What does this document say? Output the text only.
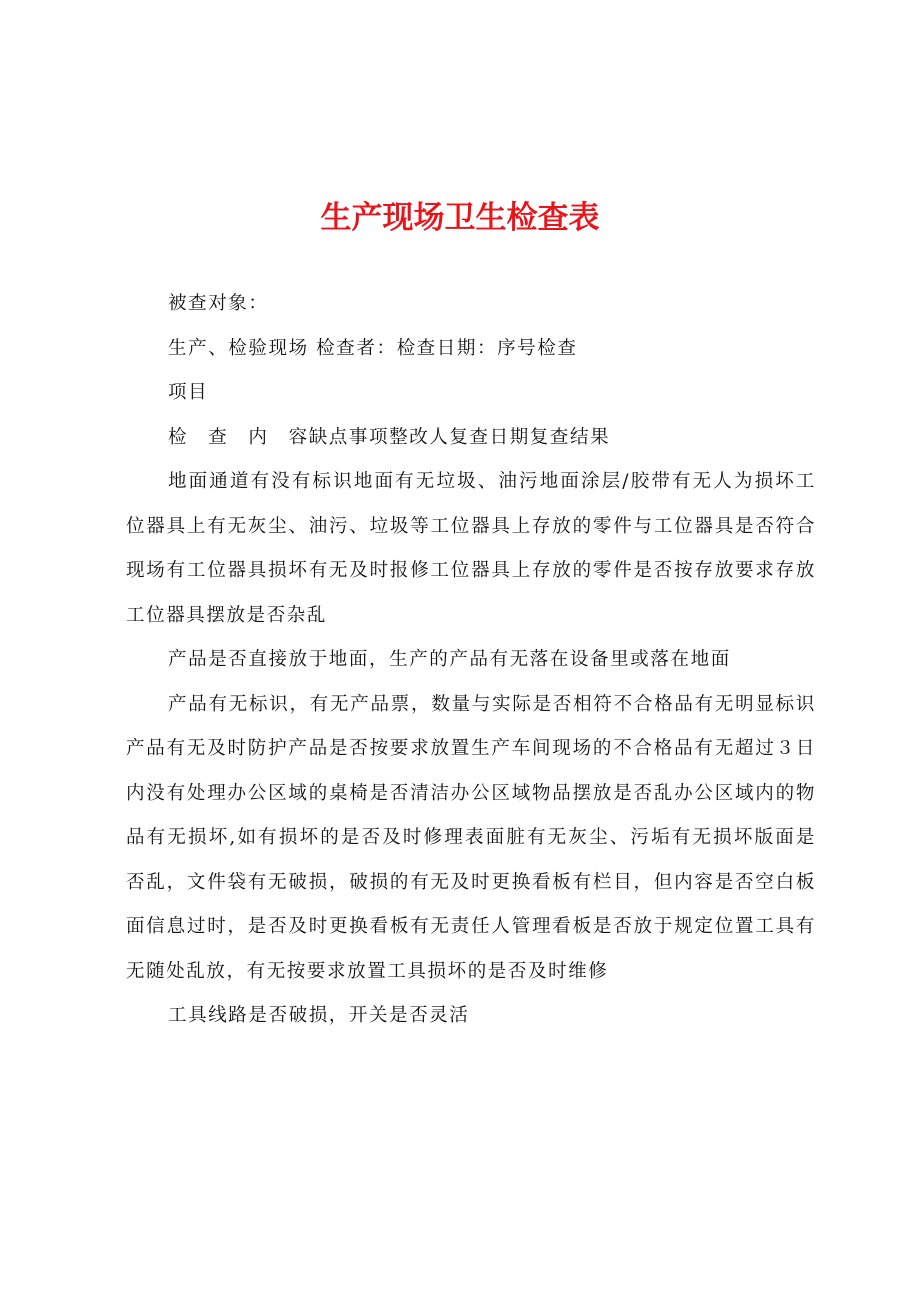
生产现场卫生检查表

被查对象：

生产、检验现场 检查者：检查日期：序号检查

项目

检　查　内　容缺点事项整改人复查日期复查结果

地面通道有没有标识地面有无垃圾、油污地面涂层/胶带有无人为损坏工位器具上有无灰尘、油污、垃圾等工位器具上存放的零件与工位器具是否符合现场有工位器具损坏有无及时报修工位器具上存放的零件是否按存放要求存放工位器具摆放是否杂乱

产品是否直接放于地面，生产的产品有无落在设备里或落在地面

产品有无标识，有无产品票，数量与实际是否相符不合格品有无明显标识产品有无及时防护产品是否按要求放置生产车间现场的不合格品有无超过３日内没有处理办公区域的桌椅是否清洁办公区域物品摆放是否乱办公区域内的物品有无损坏,如有损坏的是否及时修理表面脏有无灰尘、污垢有无损坏版面是否乱，文件袋有无破损，破损的有无及时更换看板有栏目，但内容是否空白板面信息过时，是否及时更换看板有无责任人管理看板是否放于规定位置工具有无随处乱放，有无按要求放置工具损坏的是否及时维修

工具线路是否破损，开关是否灵活
